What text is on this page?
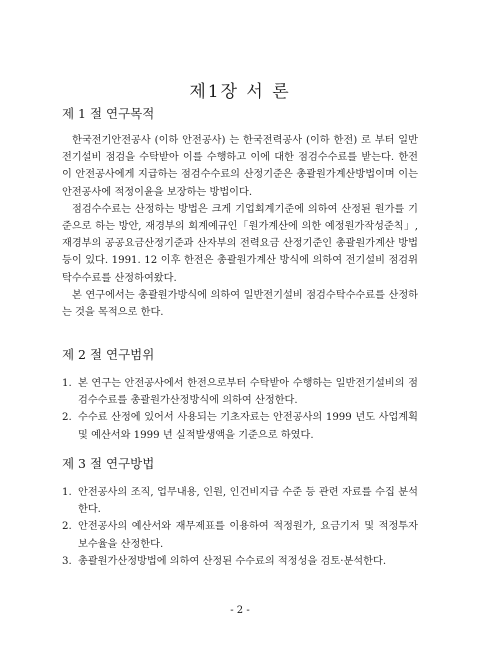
제1장 서 론
제 1 절 연구목적

한국전기안전공사 (이하 안전공사) 는 한국전력공사 (이하 한전) 로 부터 일반전기설비 점검을 수탁받아 이를 수행하고 이에 대한 점검수수료를 받는다. 한전이 안전공사에게 지급하는 점검수수료의 산정기준은 총괄원가계산방법이며 이는 안전공사에 적정이윤을 보장하는 방법이다.

점검수수료는 산정하는 방법은 크게 기업회계기준에 의하여 산정된 원가를 기준으로 하는 방안, 재경부의 회계예규인「원가계산에 의한 예정원가작성준칙」, 재경부의 공공요금산정기준과 산자부의 전력요금 산정기준인 총괄원가계산 방법 등이 있다. 1991. 12 이후 한전은 총괄원가계산 방식에 의하여 전기설비 점검위탁수수료를 산정하여왔다.

본 연구에서는 총괄원가방식에 의하여 일반전기설비 점검수탁수수료를 산정하는 것을 목적으로 한다.

제 2 절 연구범위
1. 본 연구는 안전공사에서 한전으로부터 수탁받아 수행하는 일반전기설비의 점검수수료를 총괄원가산정방식에 의하여 산정한다.
2. 수수료 산정에 있어서 사용되는 기초자료는 안전공사의 1999 년도 사업계획및 예산서와 1999 년 실적발생액을 기준으로 하였다.
제 3 절 연구방법
1. 안전공사의 조직, 업무내용, 인원, 인건비지급 수준 등 관련 자료를 수집 분석한다.
2. 안전공사의 예산서와 재무제표를 이용하여 적정원가, 요금기저 및 적정투자 보수율을 산정한다.
3. 총괄원가산정방법에 의하여 산정된 수수료의 적정성을 검토·분석한다.
- 2 -
